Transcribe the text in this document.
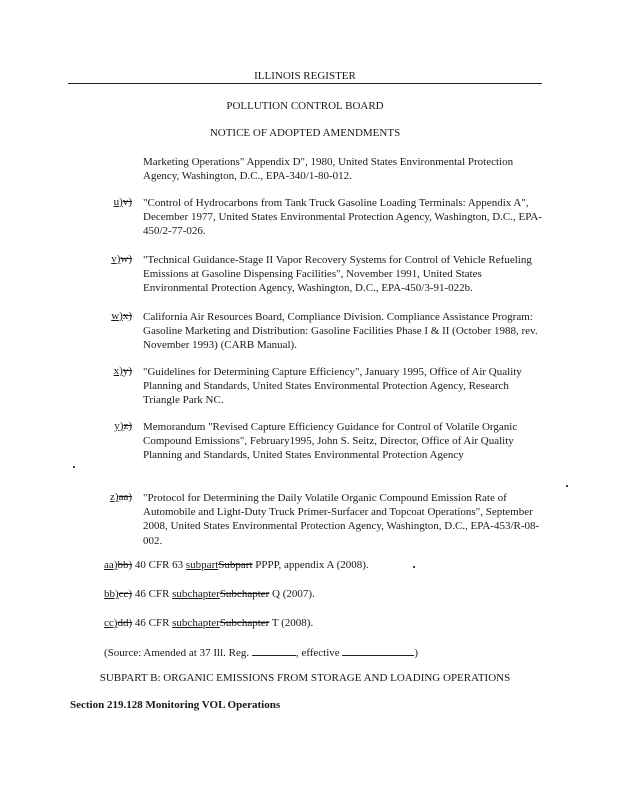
ILLINOIS REGISTER
POLLUTION CONTROL BOARD
NOTICE OF ADOPTED AMENDMENTS
Marketing Operations" Appendix D", 1980, United States Environmental Protection Agency, Washington, D.C., EPA-340/1-80-012.
u)v) "Control of Hydrocarbons from Tank Truck Gasoline Loading Terminals: Appendix A", December 1977, United States Environmental Protection Agency, Washington, D.C., EPA-450/2-77-026.
v)w) "Technical Guidance-Stage II Vapor Recovery Systems for Control of Vehicle Refueling Emissions at Gasoline Dispensing Facilities", November 1991, United States Environmental Protection Agency, Washington, D.C., EPA-450/3-91-022b.
w)x) California Air Resources Board, Compliance Division. Compliance Assistance Program: Gasoline Marketing and Distribution: Gasoline Facilities Phase I & II (October 1988, rev. November 1993) (CARB Manual).
x)y) "Guidelines for Determining Capture Efficiency", January 1995, Office of Air Quality Planning and Standards, United States Environmental Protection Agency, Research Triangle Park NC.
y)z) Memorandum "Revised Capture Efficiency Guidance for Control of Volatile Organic Compound Emissions", February1995, John S. Seitz, Director, Office of Air Quality Planning and Standards, United States Environmental Protection Agency
z)aa) "Protocol for Determining the Daily Volatile Organic Compound Emission Rate of Automobile and Light-Duty Truck Primer-Surfacer and Topcoat Operations", September 2008, United States Environmental Protection Agency, Washington, D.C., EPA-453/R-08-002.
aa)bb) 40 CFR 63 subpartSubpart PPPP, appendix A (2008).
bb)cc) 46 CFR subchapterSubchapter Q (2007).
cc)dd) 46 CFR subchapterSubchapter T (2008).
(Source: Amended at 37 Ill. Reg.	, effective	)
SUBPART B: ORGANIC EMISSIONS FROM STORAGE AND LOADING OPERATIONS
Section 219.128 Monitoring VOL Operations
